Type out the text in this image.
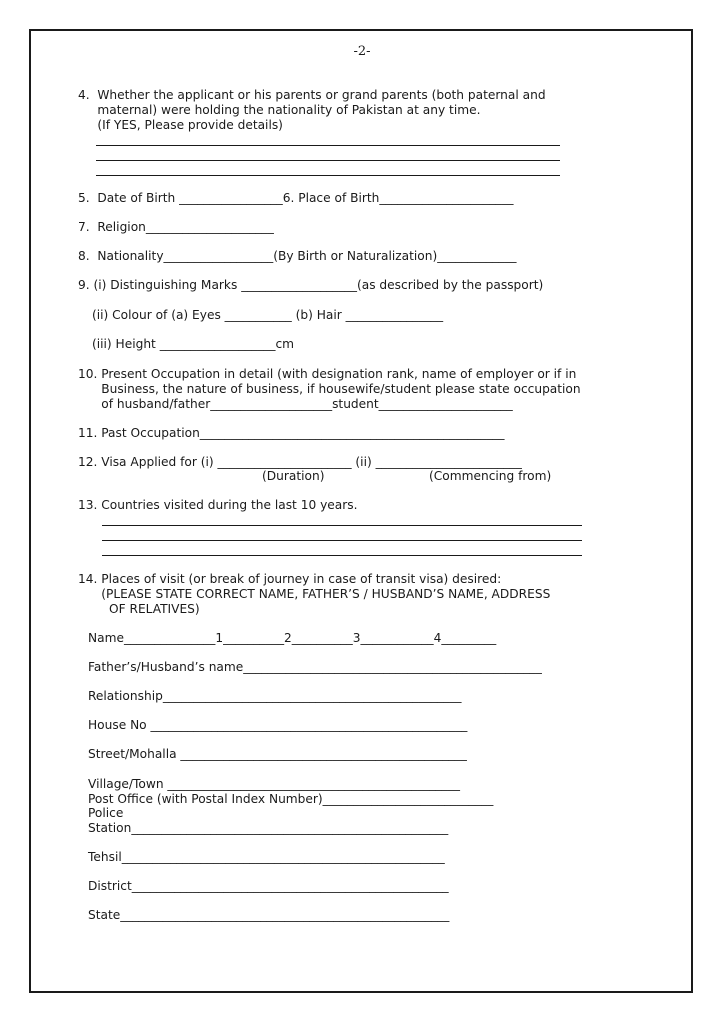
-2-
4.  Whether the applicant or his parents or grand parents (both paternal and
maternal) were holding the nationality of Pakistan at any time.
(If YES, Please provide details)
5.  Date of Birth _________________6. Place of Birth______________________
7.  Religion_____________________
8.  Nationality__________________(By Birth or Naturalization)_____________
9. (i) Distinguishing Marks ___________________(as described by the passport)
(ii) Colour of (a) Eyes ___________ (b) Hair ________________
(iii) Height ___________________cm
10. Present Occupation in detail (with designation rank, name of employer or if in
Business, the nature of business, if housewife/student please state occupation
of husband/father____________________student______________________
11. Past Occupation__________________________________________________
12. Visa Applied for (i) ______________________ (ii) ________________________
(Duration)	(Commencing from)
13. Countries visited during the last 10 years.
14. Places of visit (or break of journey in case of transit visa) desired:
(PLEASE STATE CORRECT NAME, FATHER’S / HUSBAND’S NAME, ADDRESS
OF RELATIVES)
Name_______________1__________2__________3____________4_________
Father’s/Husband’s name_________________________________________________
Relationship_________________________________________________
House No ____________________________________________________
Street/Mohalla _______________________________________________
Village/Town ________________________________________________
Post Office (with Postal Index Number)____________________________
Police
Station____________________________________________________
Tehsil_____________________________________________________
District____________________________________________________
State______________________________________________________
